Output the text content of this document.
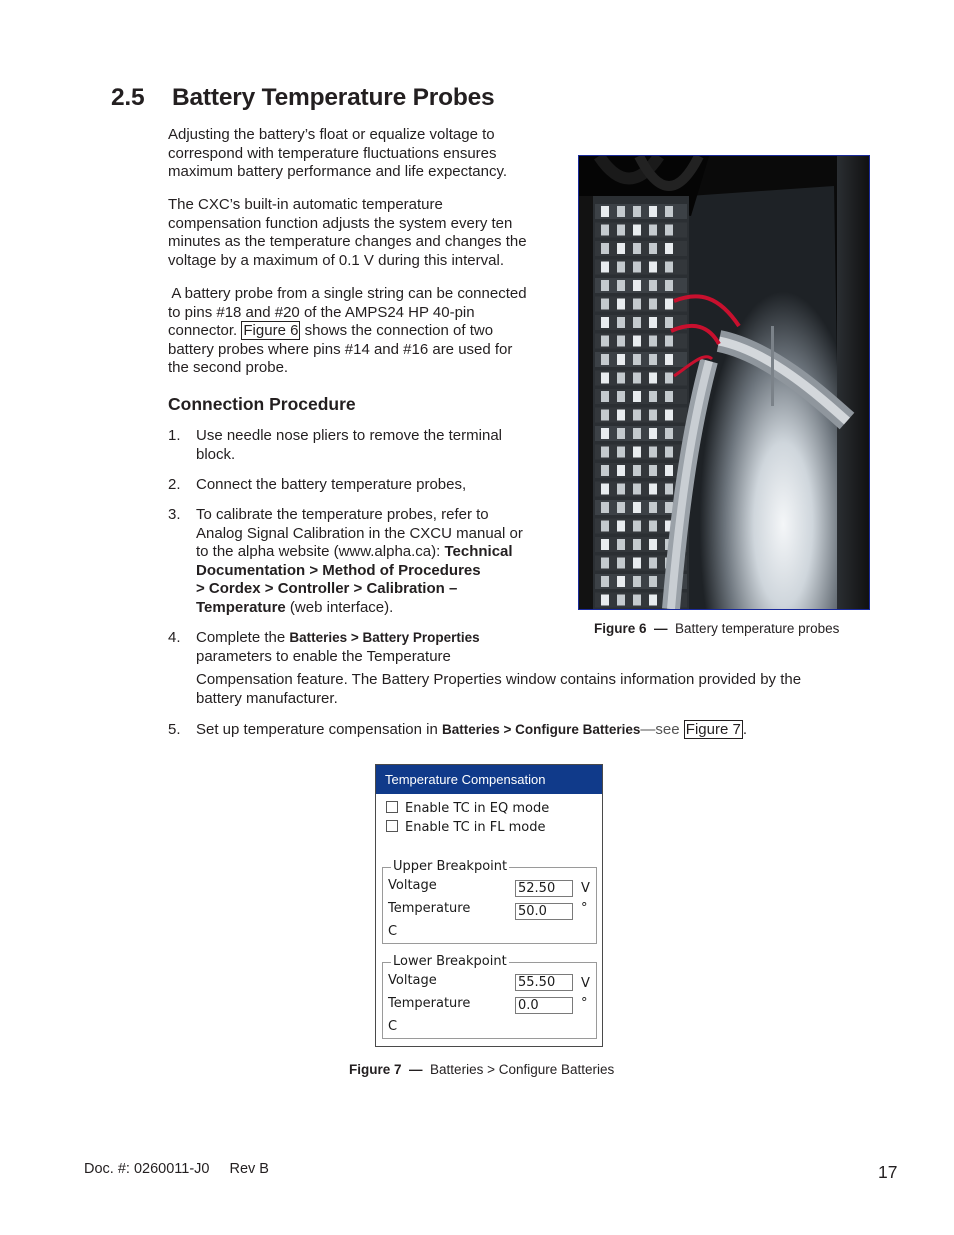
2.5 Battery Temperature Probes

Adjusting the battery’s float or equalize voltage to
correspond with temperature fluctuations ensures
maximum battery performance and life expectancy.

The CXC’s built-in automatic temperature
compensation function adjusts the system every ten
minutes as the temperature changes and changes the
voltage by a maximum of 0.1 V during this interval.

A battery probe from a single string can be connected
to pins #18 and #20 of the AMPS24 HP 40-pin
connector. Figure 6 shows the connection of two
battery probes where pins #14 and #16 are used for
the second probe.

Connection Procedure
1. Use needle nose pliers to remove the terminal
block.
2. Connect the battery temperature probes,
3. To calibrate the temperature probes, refer to
Analog Signal Calibration in the CXCU manual or
to the alpha website (www.alpha.ca): Technical
Documentation > Method of Procedures
> Cordex > Controller > Calibration –
Temperature (web interface).
4. Complete the Batteries > Battery Properties
parameters to enable the Temperature
Compensation feature. The Battery Properties window contains information provided by the
battery manufacturer.
5. Set up temperature compensation in Batteries > Configure Batteries—see Figure 7 .
Figure 6 — Battery temperature probes
Temperature Compensation
Enable TC in EQ mode
Enable TC in FL mode
Upper Breakpoint
Voltage
52.50	V
Temperature
50.0	°
C
Lower Breakpoint
Voltage
55.50	V
Temperature
0.0	°
C
Figure 7 — Batteries > Configure Batteries
Doc. #: 0260011-J0 Rev B	17
